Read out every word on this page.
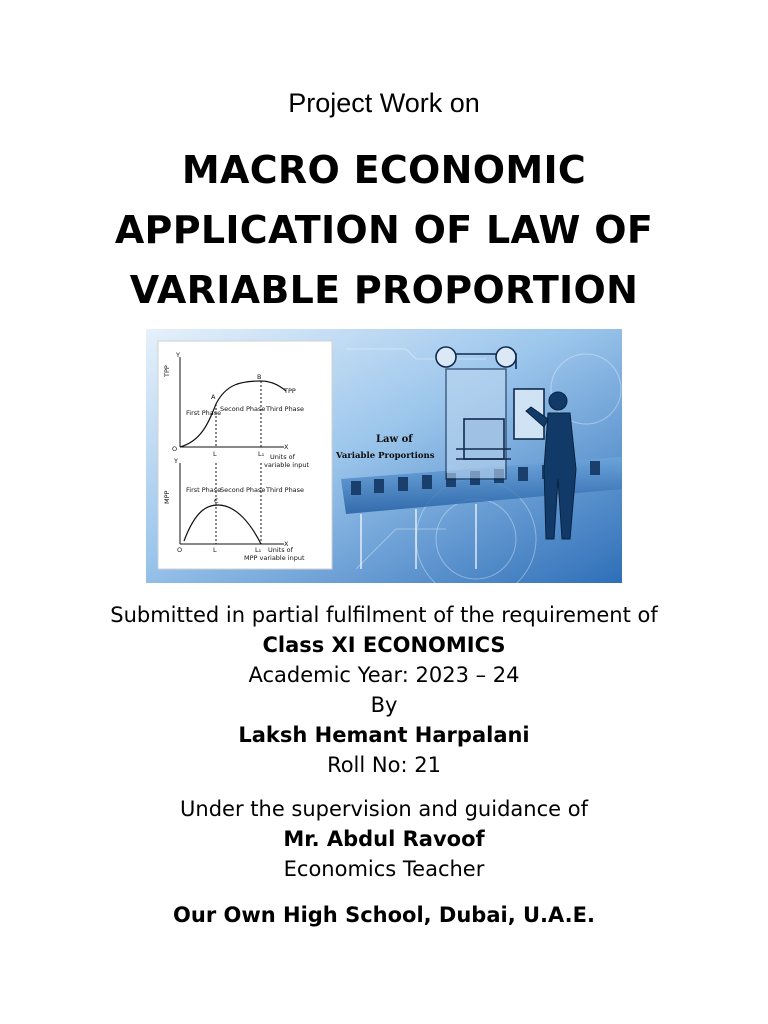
Project Work on
MACRO ECONOMIC
APPLICATION OF LAW OF
VARIABLE PROPORTION
Law of
Variable Proportions
Y
TPP
TPP
A
B
First Phase
Second Phase Third Phase
O	X
L	L₁ Units of
variable input
Y
MPP	C
First Phase
Second Phase Third Phase
O
X
L	L₁ Units of
MPP variable input
Submitted in partial fulfilment of the requirement of
Class XI ECONOMICS
Academic Year: 2023 – 24
By
Laksh Hemant Harpalani
Roll No: 21
Under the supervision and guidance of
Mr. Abdul Ravoof
Economics Teacher
Our Own High School, Dubai, U.A.E.
